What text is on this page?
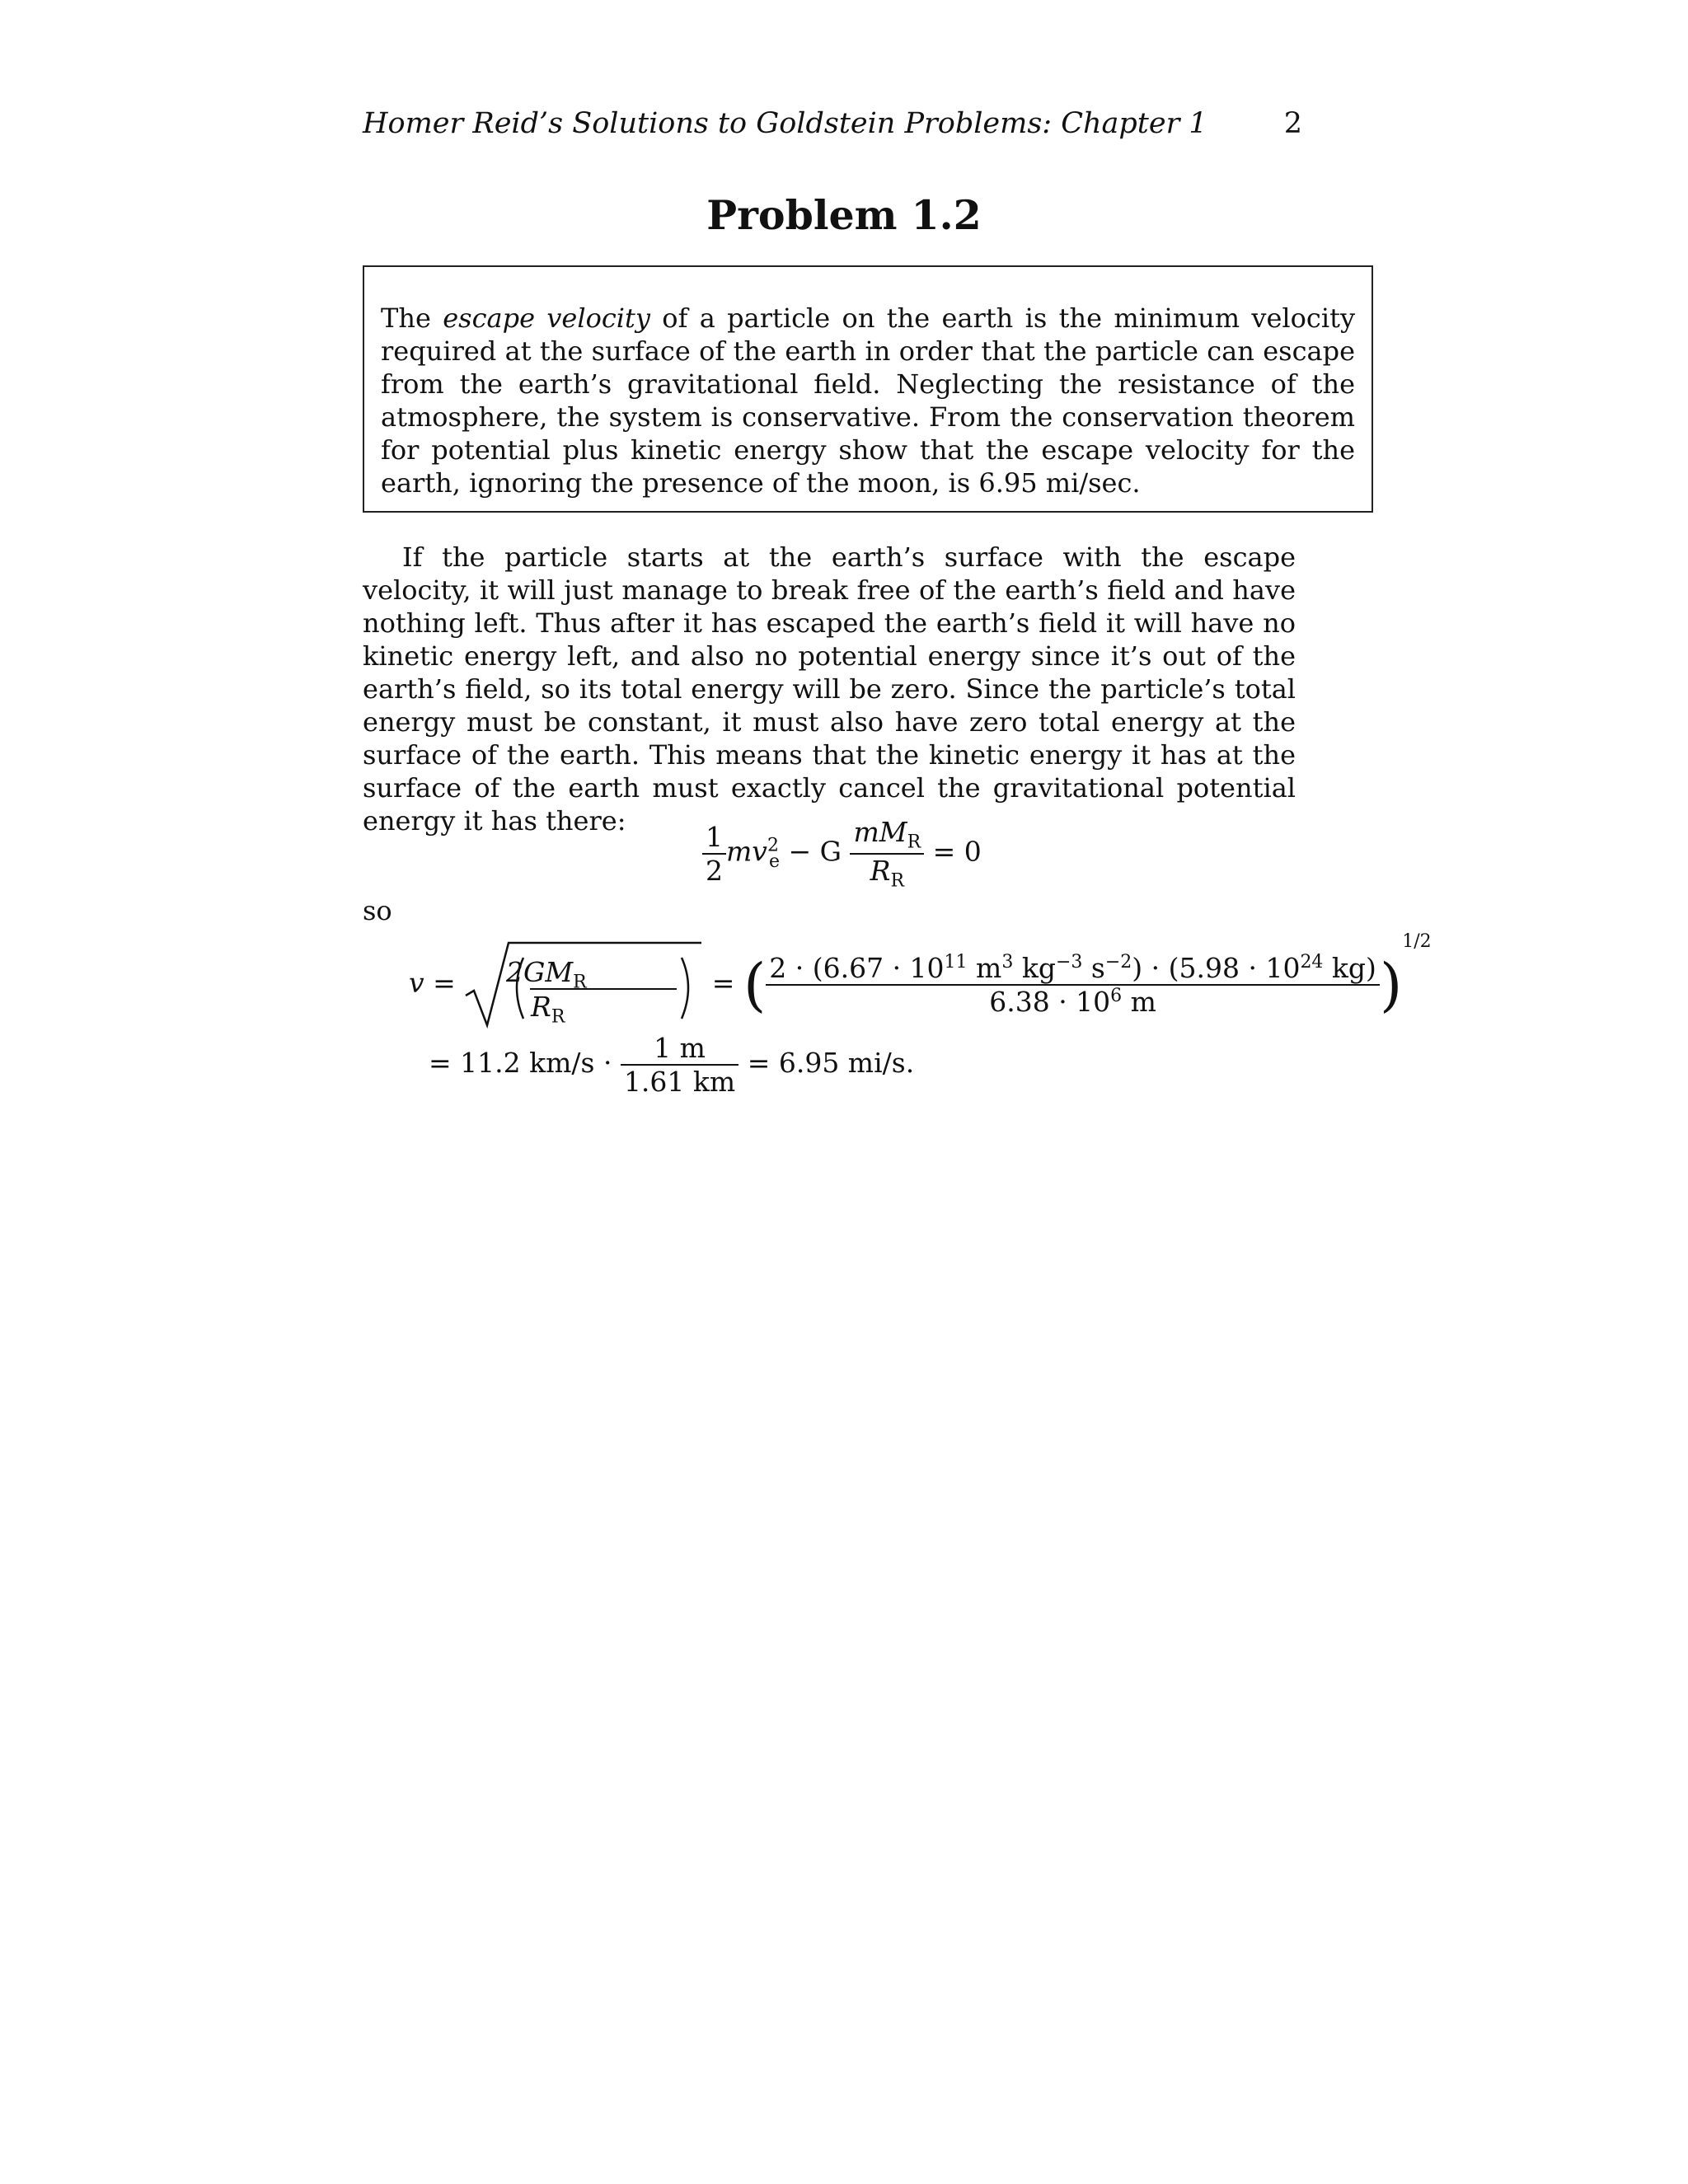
Homer Reid’s Solutions to Goldstein Problems: Chapter 1	2
Problem 1.2
The escape velocity of a particle on the earth is the minimum velocity required at the surface of the earth in order that the particle can escape from the earth’s gravitational field. Neglecting the resistance of the atmosphere, the system is conservative. From the conservation theorem for potential plus kinetic energy show that the escape velocity for the earth, ignoring the presence of the moon, is 6.95 mi/sec.

If the particle starts at the earth’s surface with the escape velocity, it will just manage to break free of the earth’s field and have nothing left. Thus after it has escaped the earth’s field it will have no kinetic energy left, and also no potential energy since it’s out of the earth’s field, so its total energy will be zero. Since the particle’s total energy must be constant, it must also have zero total energy at the surface of the earth. This means that the kinetic energy it has at the surface of the earth must exactly cancel the gravitational potential energy it has there:	$\frac{1}{2} mv^2_e - G \frac{mM_R}{R_R} = 0$
so
$v = 2GM_R$
$R_R$
= ( $\frac{2 \cdot (6.67 \cdot 10^{11} m^3 kg^{-3} s^{-2}) \cdot (5.98 \cdot 10^{24} kg)}{6.38 \cdot 10^6 m} )^{1/2}$
= 11.2 $km/s \cdot \frac{1 m}{1.61 km} = 6.95$ mi/s.
